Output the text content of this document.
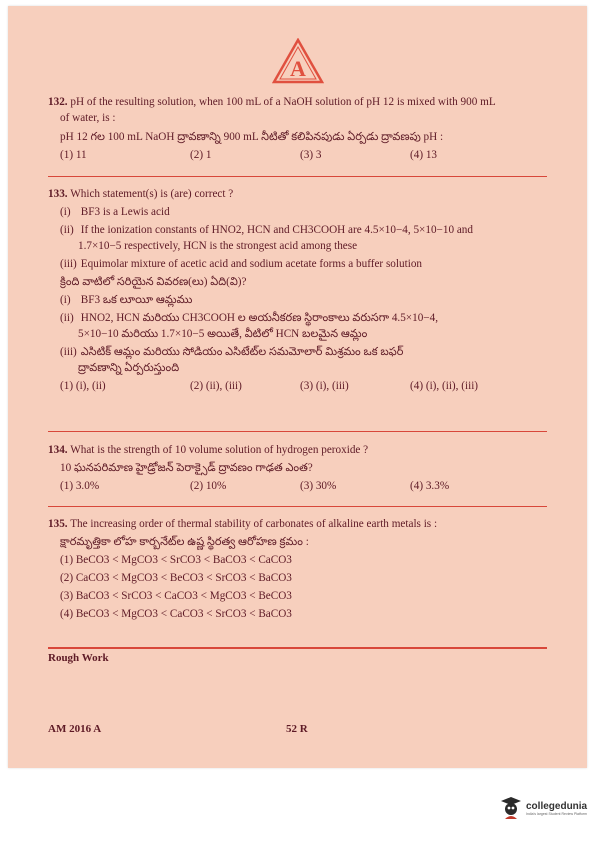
A
132. pH of the resulting solution, when 100 mL of a NaOH solution of pH 12 is mixed with 900 mL
of water, is :
pH 12 గల 100 mL NaOH ద్రావణాన్ని 900 mL నీటితో కలిపినపుడు ఏర్పడు ద్రావణపు pH :
(1) 11	(2) 1	(3) 3	(4) 13
133. Which statement(s) is (are) correct ?
(i) BF3 is a Lewis acid
(ii) If the ionization constants of HNO2, HCN and CH3COOH are 4.5×10−4, 5×10−10 and
1.7×10−5 respectively, HCN is the strongest acid among these
(iii) Equimolar mixture of acetic acid and sodium acetate forms a buffer solution
క్రింది వాటిలో సరియైన వివరణ(లు) ఏది(వి)?
(i) BF3 ఒక లూయీ ఆమ్లము
(ii) HNO2, HCN మరియు CH3COOH ల అయనీకరణ స్థిరాంకాలు వరుసగా 4.5×10−4,
5×10−10 మరియు 1.7×10−5 అయితే, వీటిలో HCN బలమైన ఆమ్లం
(iii) ఎసిటిక్ ఆమ్లం మరియు సోడియం ఎసిటేట్‌ల సమమోలార్ మిశ్రమం ఒక బఫర్
ద్రావణాన్ని ఏర్పరుస్తుంది
(1) (i), (ii)	(2) (ii), (iii)	(3) (i), (iii)	(4) (i), (ii), (iii)
134. What is the strength of 10 volume solution of hydrogen peroxide ?
10 ఘనపరిమాణ హైడ్రోజన్ పెరాక్సైడ్ ద్రావణం గాఢత ఎంత?
(1) 3.0%	(2) 10%	(3) 30%	(4) 3.3%
135. The increasing order of thermal stability of carbonates of alkaline earth metals is :
క్షారమృత్తికా లోహ కార్బనేట్‌ల ఉష్ణ స్థిరత్వ ఆరోహణ క్రమం :
(1) BeCO3 < MgCO3 < SrCO3 < BaCO3 < CaCO3
(2) CaCO3 < MgCO3 < BeCO3 < SrCO3 < BaCO3
(3) BaCO3 < SrCO3 < CaCO3 < MgCO3 < BeCO3
(4) BeCO3 < MgCO3 < CaCO3 < SrCO3 < BaCO3
Rough Work
AM 2016 A	52 R
collegedunia
India's largest Student Review Platform
